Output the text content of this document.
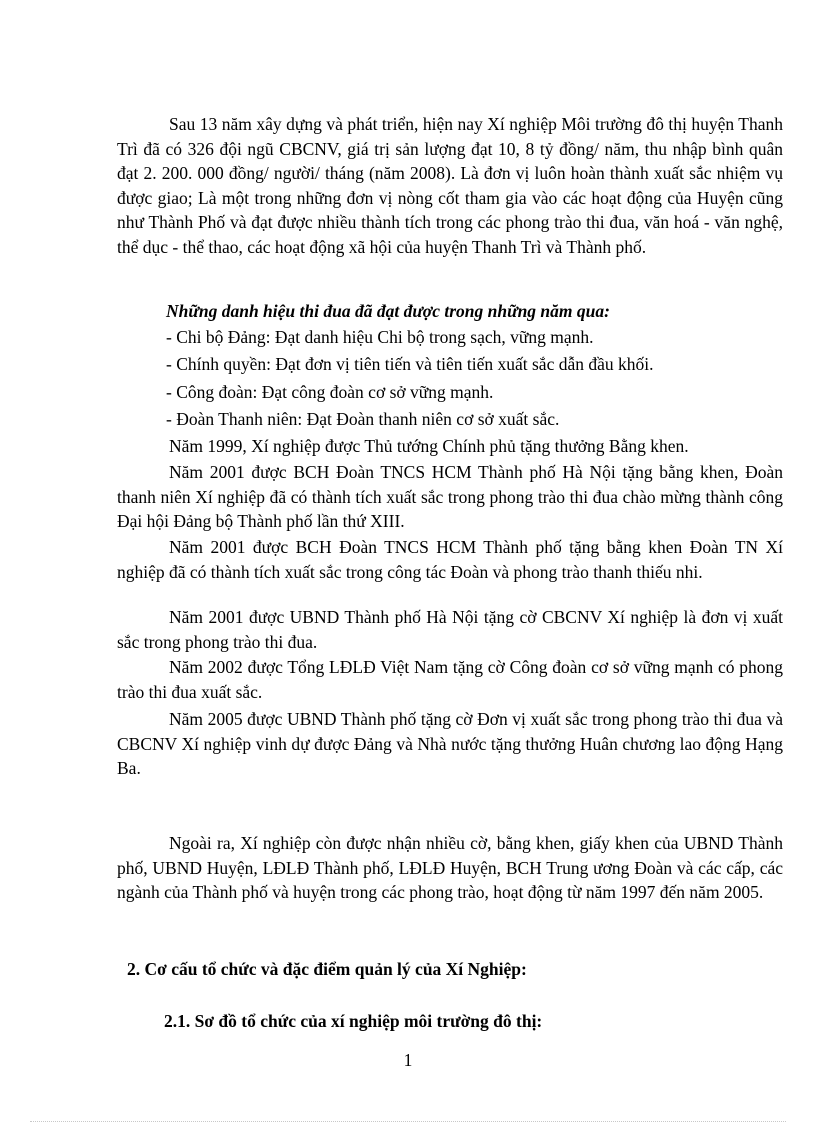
Sau 13 năm xây dựng và phát triển, hiện nay Xí nghiệp Môi trường đô thị huyện Thanh Trì đã có 326 đội ngũ CBCNV, giá trị sản lượng đạt 10, 8 tỷ đồng/ năm, thu nhập bình quân đạt 2. 200. 000 đồng/ người/ tháng (năm 2008). Là đơn vị luôn hoàn thành xuất sắc nhiệm vụ được giao; Là một trong những đơn vị nòng cốt tham gia vào các hoạt động của Huyện cũng như Thành Phố và đạt được nhiều thành tích trong các phong trào thi đua, văn hoá - văn nghệ, thể dục - thể thao, các hoạt động xã hội của huyện Thanh Trì và Thành phố.

Những danh hiệu thi đua đã đạt được trong những năm qua:

- Chi bộ Đảng: Đạt danh hiệu Chi bộ trong sạch, vững mạnh.

- Chính quyền: Đạt đơn vị tiên tiến và tiên tiến xuất sắc dẫn đầu khối.

- Công đoàn: Đạt công đoàn cơ sở vững mạnh.

- Đoàn Thanh niên: Đạt Đoàn thanh niên cơ sở xuất sắc.

Năm 1999, Xí nghiệp được Thủ tướng Chính phủ tặng thưởng Bằng khen.

Năm 2001 được BCH Đoàn TNCS HCM Thành phố Hà Nội tặng bằng khen, Đoàn thanh niên Xí nghiệp đã có thành tích xuất sắc trong phong trào thi đua chào mừng thành công Đại hội Đảng bộ Thành phố lần thứ XIII.

Năm 2001 được BCH Đoàn TNCS HCM Thành phố tặng bằng khen Đoàn TN Xí nghiệp đã có thành tích xuất sắc trong công tác Đoàn và phong trào thanh thiếu nhi.

Năm 2001 được UBND Thành phố Hà Nội tặng cờ CBCNV Xí nghiệp là đơn vị xuất sắc trong phong trào thi đua.

Năm 2002 được Tổng LĐLĐ Việt Nam tặng cờ Công đoàn cơ sở vững mạnh có phong trào thi đua xuất sắc.

Năm 2005 được UBND Thành phố tặng cờ Đơn vị xuất sắc trong phong trào thi đua và CBCNV Xí nghiệp vinh dự được Đảng và Nhà nước tặng thưởng Huân chương lao động Hạng Ba.

Ngoài ra, Xí nghiệp còn được nhận nhiều cờ, bằng khen, giấy khen của UBND Thành phố, UBND Huyện, LĐLĐ Thành phố, LĐLĐ Huyện, BCH Trung ương Đoàn và các cấp, các ngành của Thành phố và huyện trong các phong trào, hoạt động từ năm 1997 đến năm 2005.

2. Cơ cấu tổ chức và đặc điểm quản lý của Xí Nghiệp:

2.1. Sơ đồ tổ chức của xí nghiệp môi trường đô thị:

1
